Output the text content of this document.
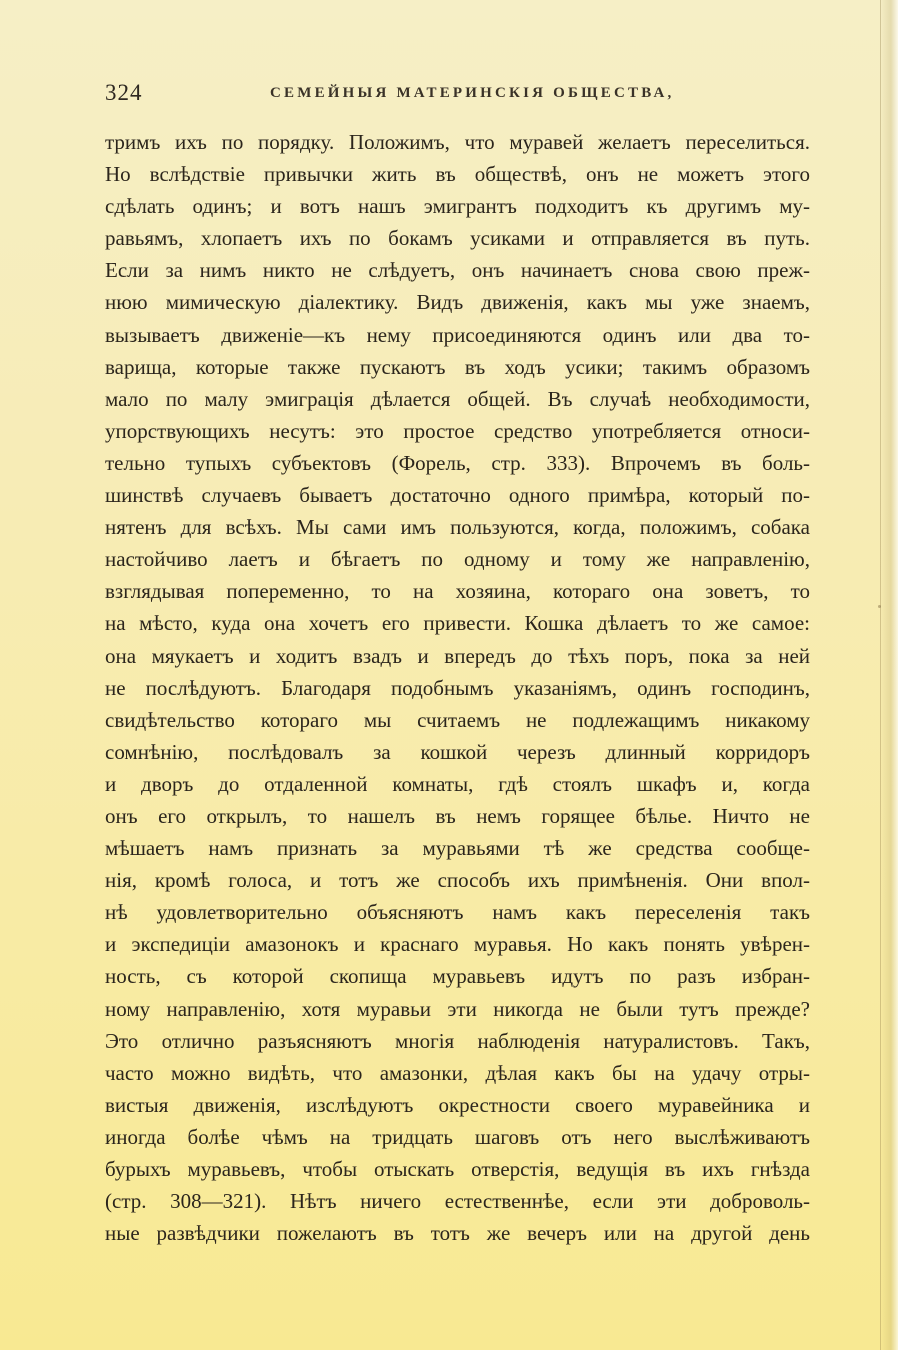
324	СЕМЕЙНЫЯ МАТЕРИНСКІЯ ОБЩЕСТВА,
тримъ ихъ по порядку. Положимъ, что муравей желаетъ переселиться.
Но вслѣдствіе привычки жить въ обществѣ, онъ не можетъ этого
сдѣлать одинъ; и вотъ нашъ эмигрантъ подходитъ къ другимъ му-
равьямъ, хлопаетъ ихъ по бокамъ усиками и отправляется въ путь.
Если за нимъ никто не слѣдуетъ, онъ начинаетъ снова свою преж-
нюю мимическую діалектику. Видъ движенія, какъ мы уже знаемъ,
вызываетъ движеніе—къ нему присоединяются одинъ или два то-
варища, которые также пускаютъ въ ходъ усики; такимъ образомъ
мало по малу эмиграція дѣлается общей. Въ случаѣ необходимости,
упорствующихъ несутъ: это простое средство употребляется относи-
тельно тупыхъ субъектовъ (Форель, стр. 333). Впрочемъ въ боль-
шинствѣ случаевъ бываетъ достаточно одного примѣра, который по-
нятенъ для всѣхъ. Мы сами имъ пользуются, когда, положимъ, собака
настойчиво лаетъ и бѣгаетъ по одному и тому же направленію,
взглядывая попеременно, то на хозяина, котораго она зоветъ, то
на мѣсто, куда она хочетъ его привести. Кошка дѣлаетъ то же самое:
она мяукаетъ и ходитъ взадъ и впередъ до тѣхъ поръ, пока за ней
не послѣдуютъ. Благодаря подобнымъ указаніямъ, одинъ господинъ,
свидѣтельство котораго мы считаемъ не подлежащимъ никакому
сомнѣнію, послѣдовалъ за кошкой черезъ длинный корридоръ
и дворъ до отдаленной комнаты, гдѣ стоялъ шкафъ и, когда
онъ его открылъ, то нашелъ въ немъ горящее бѣлье. Ничто не
мѣшаетъ намъ признать за муравьями тѣ же средства сообще-
нія, кромѣ голоса, и тотъ же способъ ихъ примѣненія. Они впол-
нѣ удовлетворительно объясняютъ намъ какъ переселенія такъ
и экспедиціи амазонокъ и краснаго муравья. Но какъ понять увѣрен-
ность, съ которой скопища муравьевъ идутъ по разъ избран-
ному направленію, хотя муравьи эти никогда не были тутъ прежде?
Это отлично разъясняютъ многія наблюденія натуралистовъ. Такъ,
часто можно видѣть, что амазонки, дѣлая какъ бы на удачу отры-
вистыя движенія, изслѣдуютъ окрестности своего муравейника и
иногда болѣе чѣмъ на тридцать шаговъ отъ него выслѣживаютъ
бурыхъ муравьевъ, чтобы отыскать отверстія, ведущія въ ихъ гнѣзда
(стр. 308—321). Нѣтъ ничего естественнѣе, если эти доброволь-
ные развѣдчики пожелаютъ въ тотъ же вечеръ или на другой день
